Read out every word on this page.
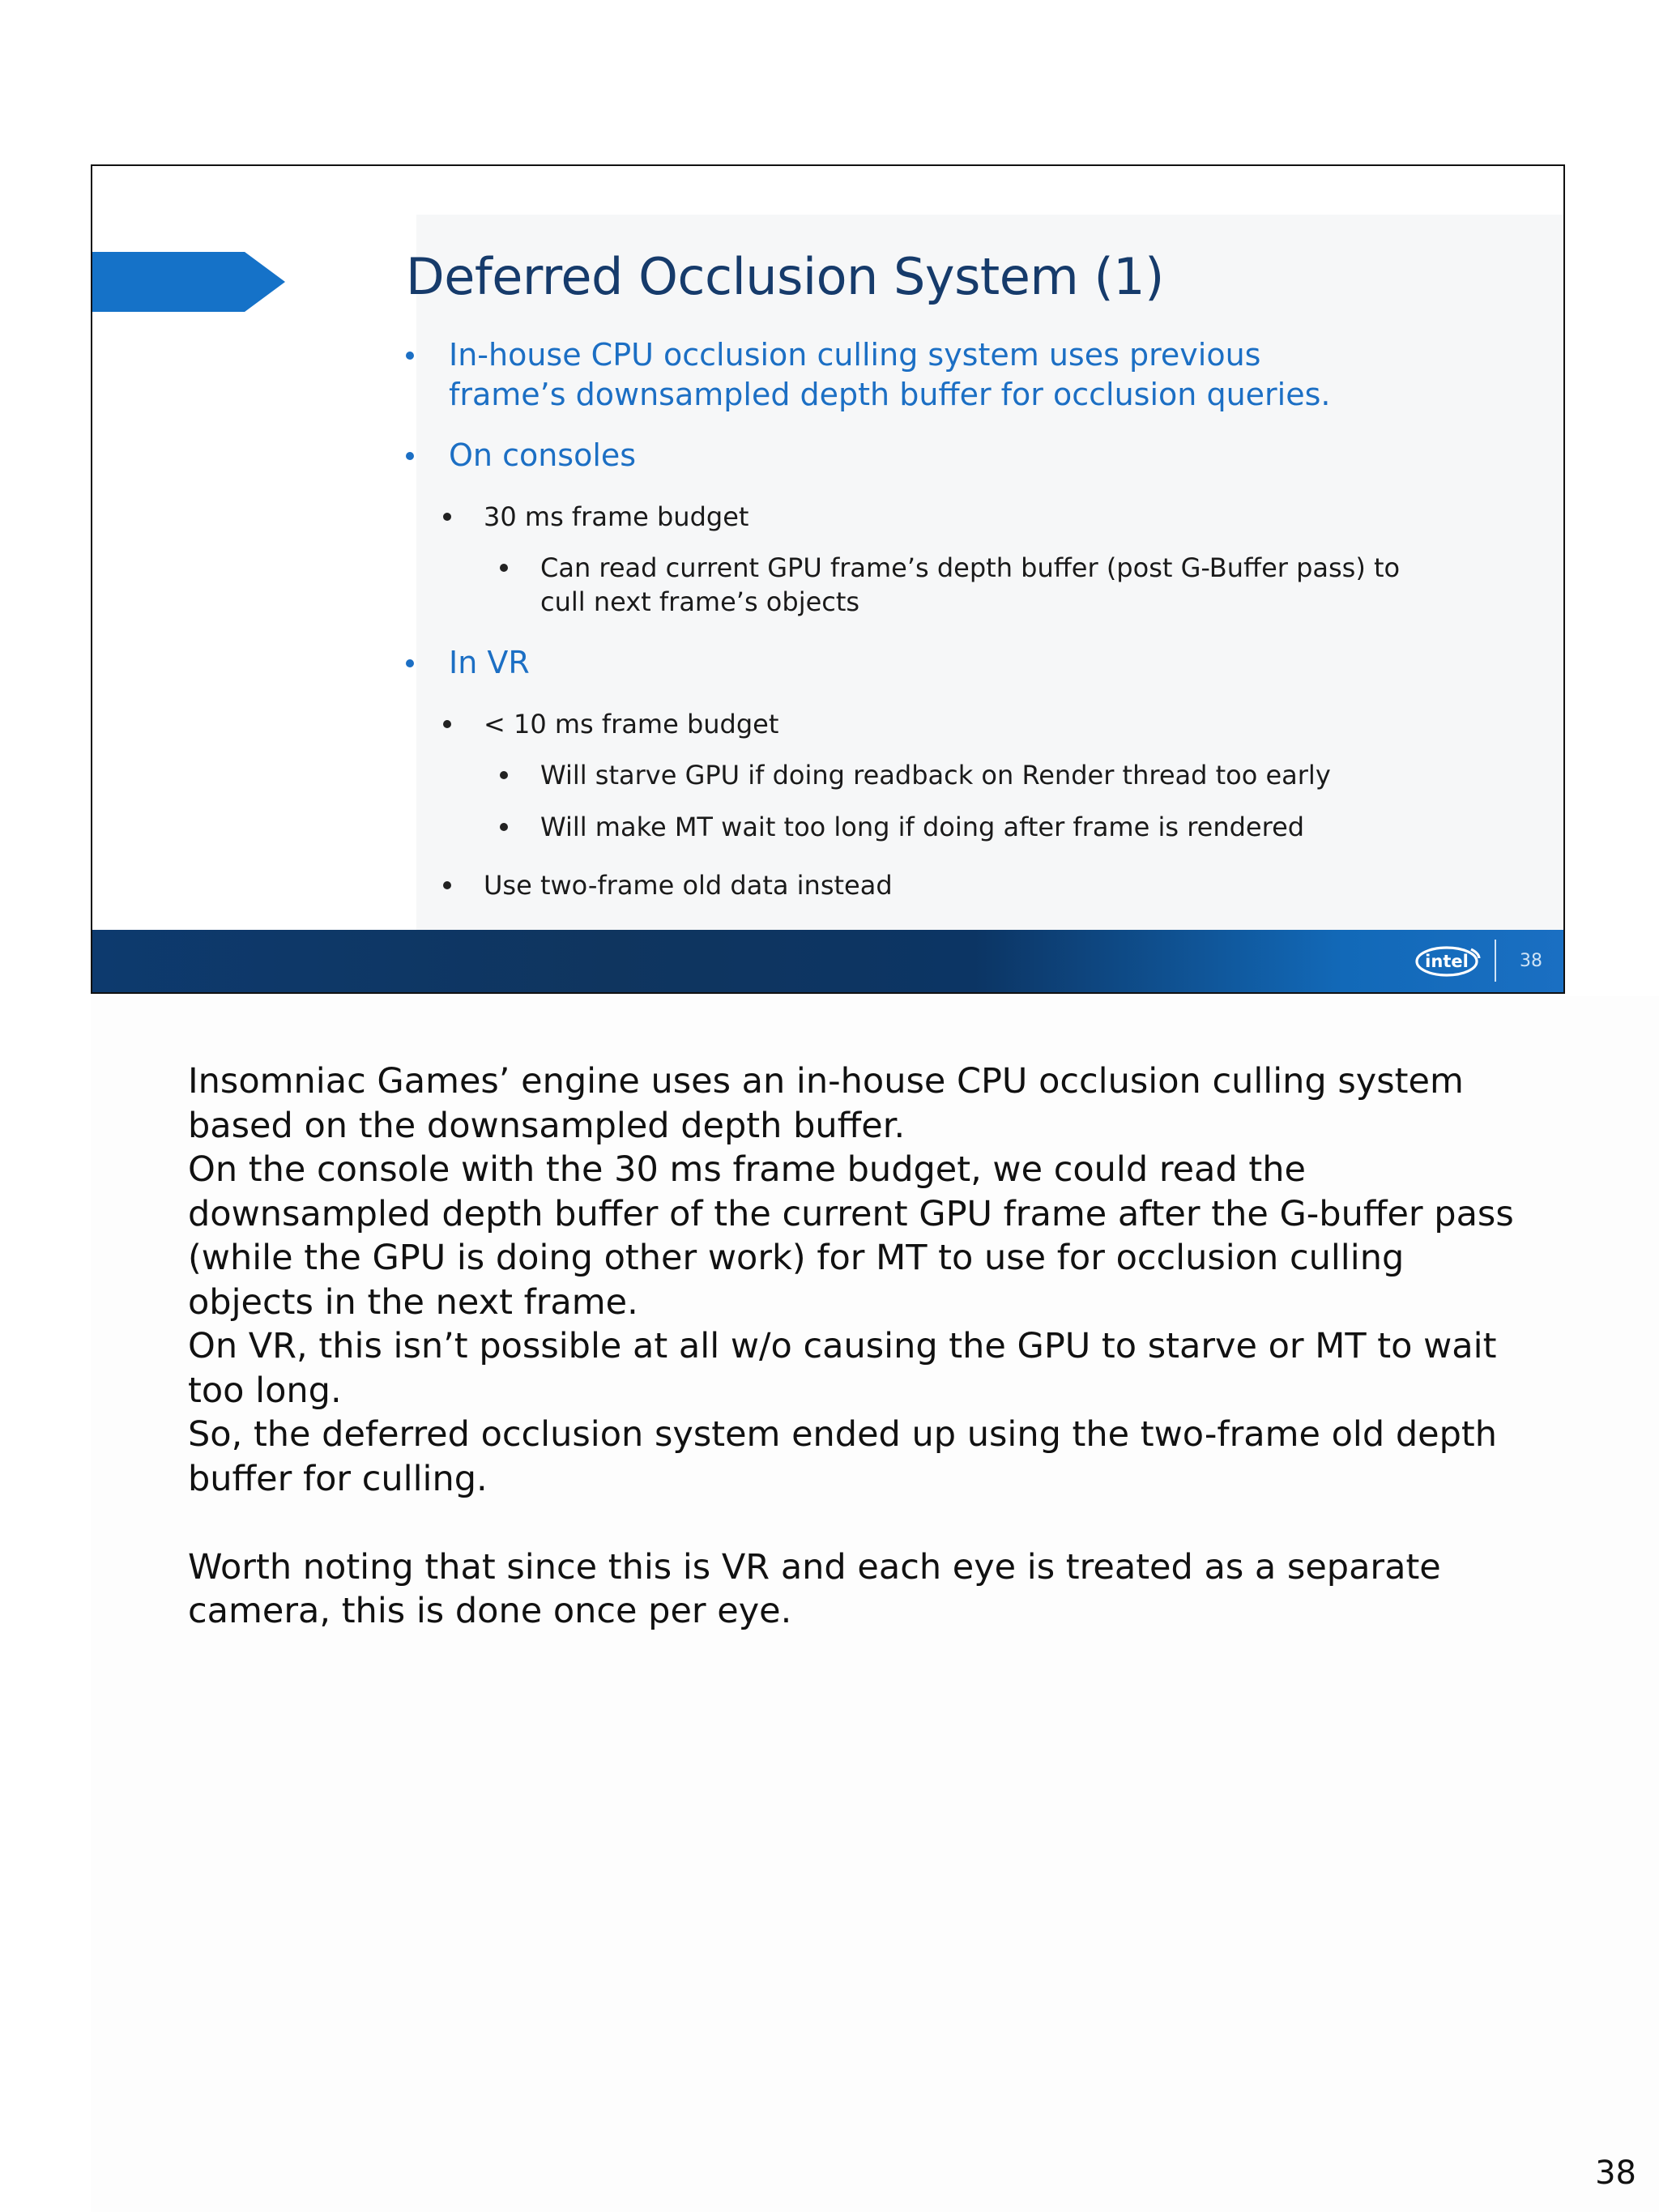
Deferred Occlusion System (1)
In-house CPU occlusion culling system uses previous frame’s downsampled depth buffer for occlusion queries.
On consoles
30 ms frame budget
Can read current GPU frame’s depth buffer (post G-Buffer pass) to cull next frame’s objects
In VR
< 10 ms frame budget
Will starve GPU if doing readback on Render thread too early
Will make MT wait too long if doing after frame is rendered
Use two-frame old data instead
intel	38

Insomniac Games’ engine uses an in-house CPU occlusion culling system based on the downsampled depth buffer.

On the console with the 30 ms frame budget, we could read the downsampled depth buffer of the current GPU frame after the G-buffer pass (while the GPU is doing other work) for MT to use for occlusion culling objects in the next frame.

On VR, this isn’t possible at all w/o causing the GPU to starve or MT to wait too long.

So, the deferred occlusion system ended up using the two-frame old depth buffer for culling.

Worth noting that since this is VR and each eye is treated as a separate camera, this is done once per eye.

38
